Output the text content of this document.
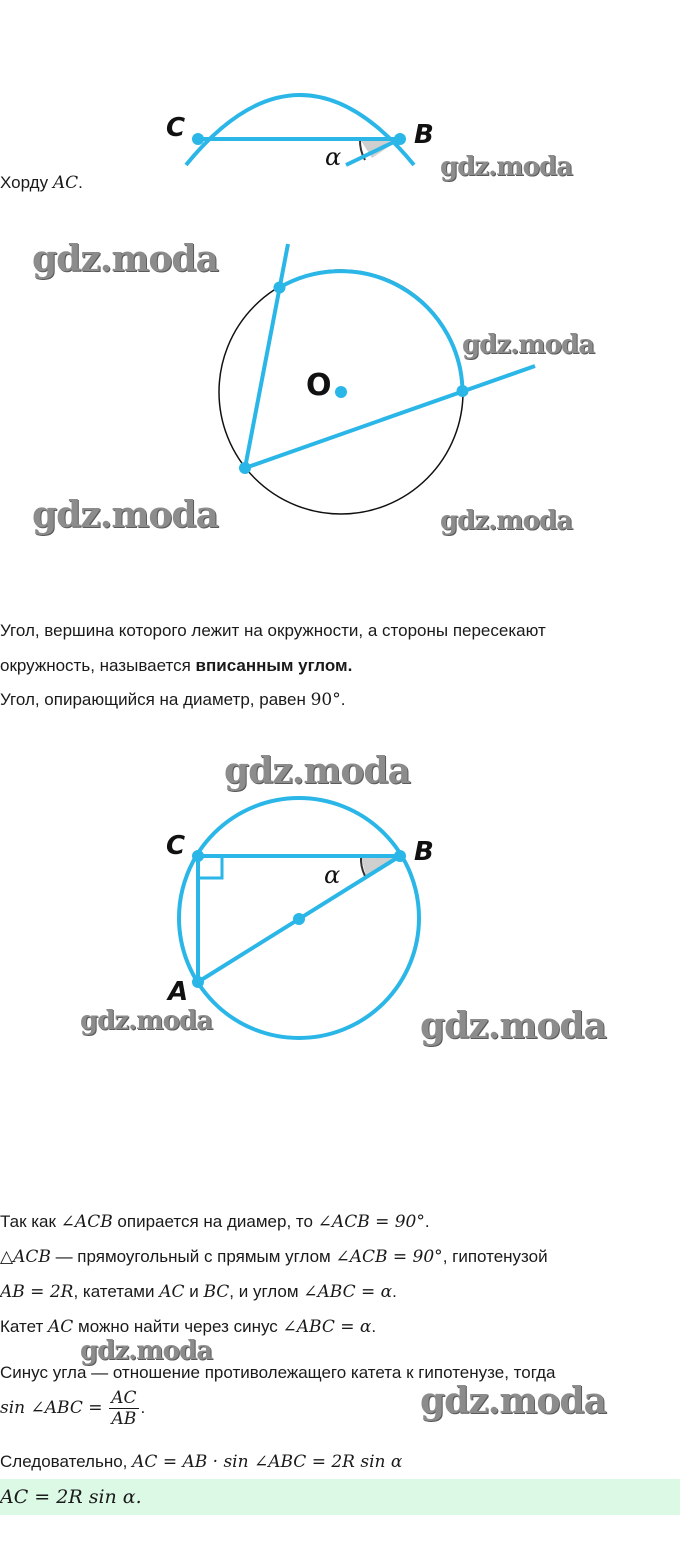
C	B
α	gdz.moda
Хорду AC.
O
gdz.moda
gdz.moda
gdz.moda	gdz.moda
Угол, вершина которого лежит на окружности, а стороны пересекают
окружность, называется вписанным углом.
Угол, опирающийся на диаметр, равен 90°.
gdz.moda
C	B
A
α
gdz.moda	gdz.moda
Так как ∠ACB опирается на диамер, то ∠ACB = 90°.
△ACB — прямоугольный с прямым углом ∠ACB = 90°, гипотенузой
AB = 2R, катетами AC и BC, и углом ∠ABC = α.
Катет AC можно найти через синус ∠ABC = α.
gdz.moda
Синус угла — отношение противолежащего катета к гипотенузе, тогда
sin ∠ABC = $\frac{AC}{AB}$ .	gdz.moda
Следовательно, AC = AB · sin ∠ABC = 2R sin α
AC = 2R sin α.
